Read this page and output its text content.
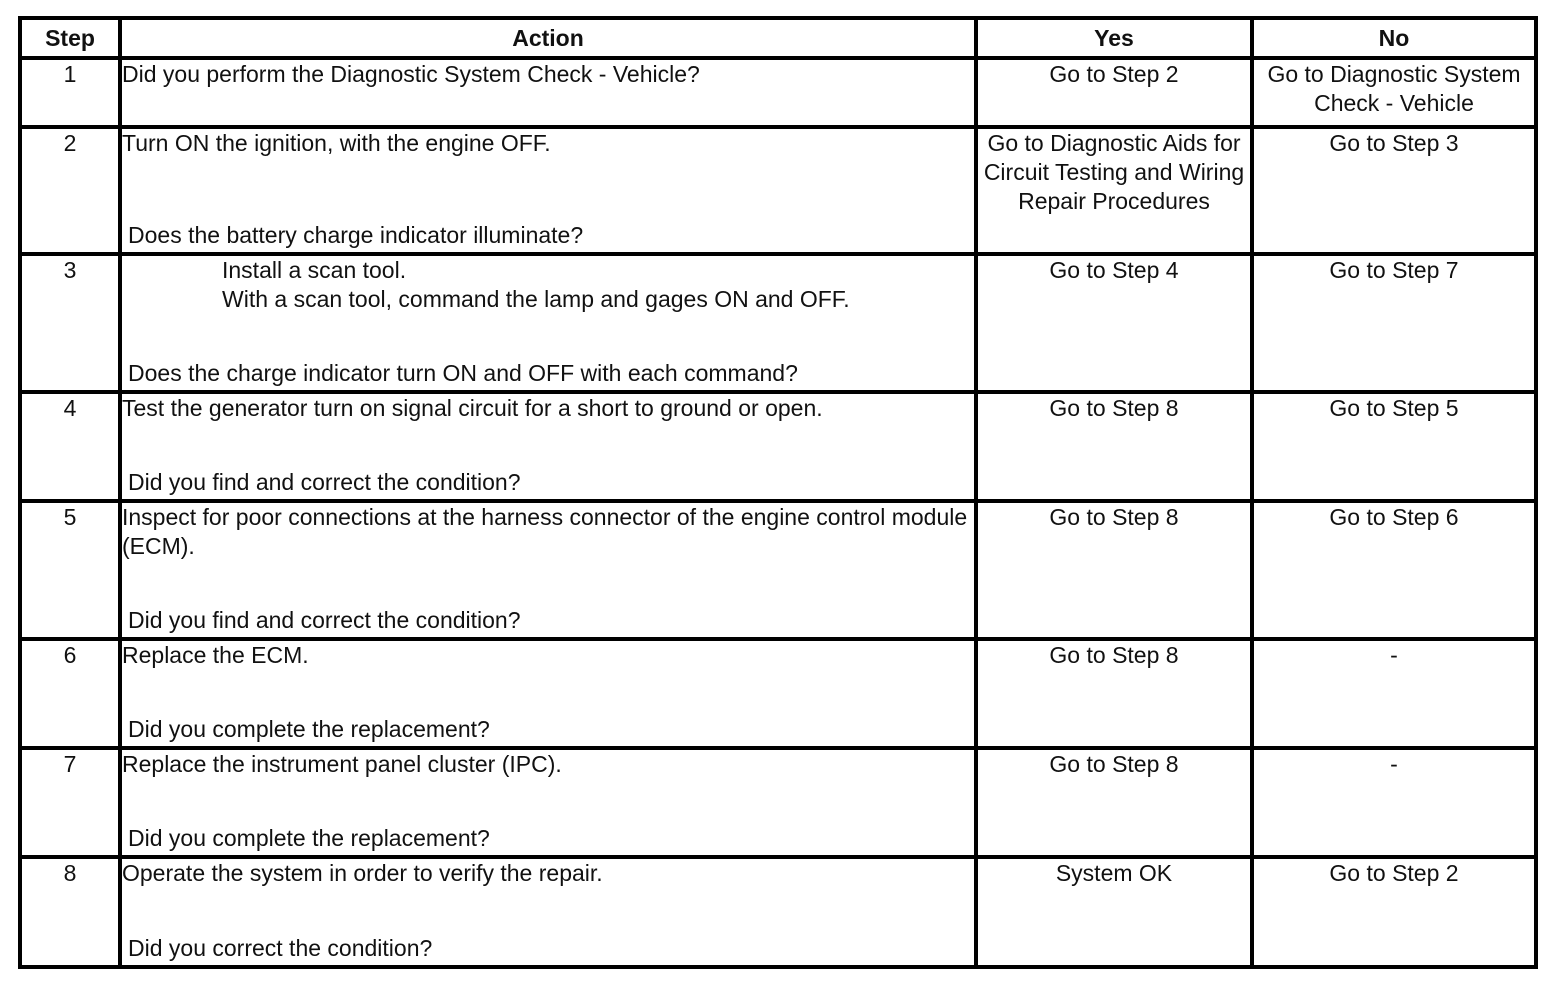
Step	Action	Yes	No
1	Did you perform the Diagnostic System Check - Vehicle?	Go to Step 2	Go to Diagnostic System Check - Vehicle

2	Turn ON the ignition, with the engine OFF.
Does the battery charge indicator illuminate?	Go to Diagnostic Aids for Circuit Testing and Wiring Repair Procedures	Go to Step 3

3	Install a scan tool.
With a scan tool, command the lamp and gages ON and OFF.
Does the charge indicator turn ON and OFF with each command?	Go to Step 4	Go to Step 7

4	Test the generator turn on signal circuit for a short to ground or open.
Did you find and correct the condition?	Go to Step 8	Go to Step 5

5	Inspect for poor connections at the harness connector of the engine control module (ECM).
Did you find and correct the condition?	Go to Step 8	Go to Step 6

6	Replace the ECM.
Did you complete the replacement?	Go to Step 8	-

7	Replace the instrument panel cluster (IPC).
Did you complete the replacement?	Go to Step 8	-

8	Operate the system in order to verify the repair.
Did you correct the condition?	System OK	Go to Step 2
